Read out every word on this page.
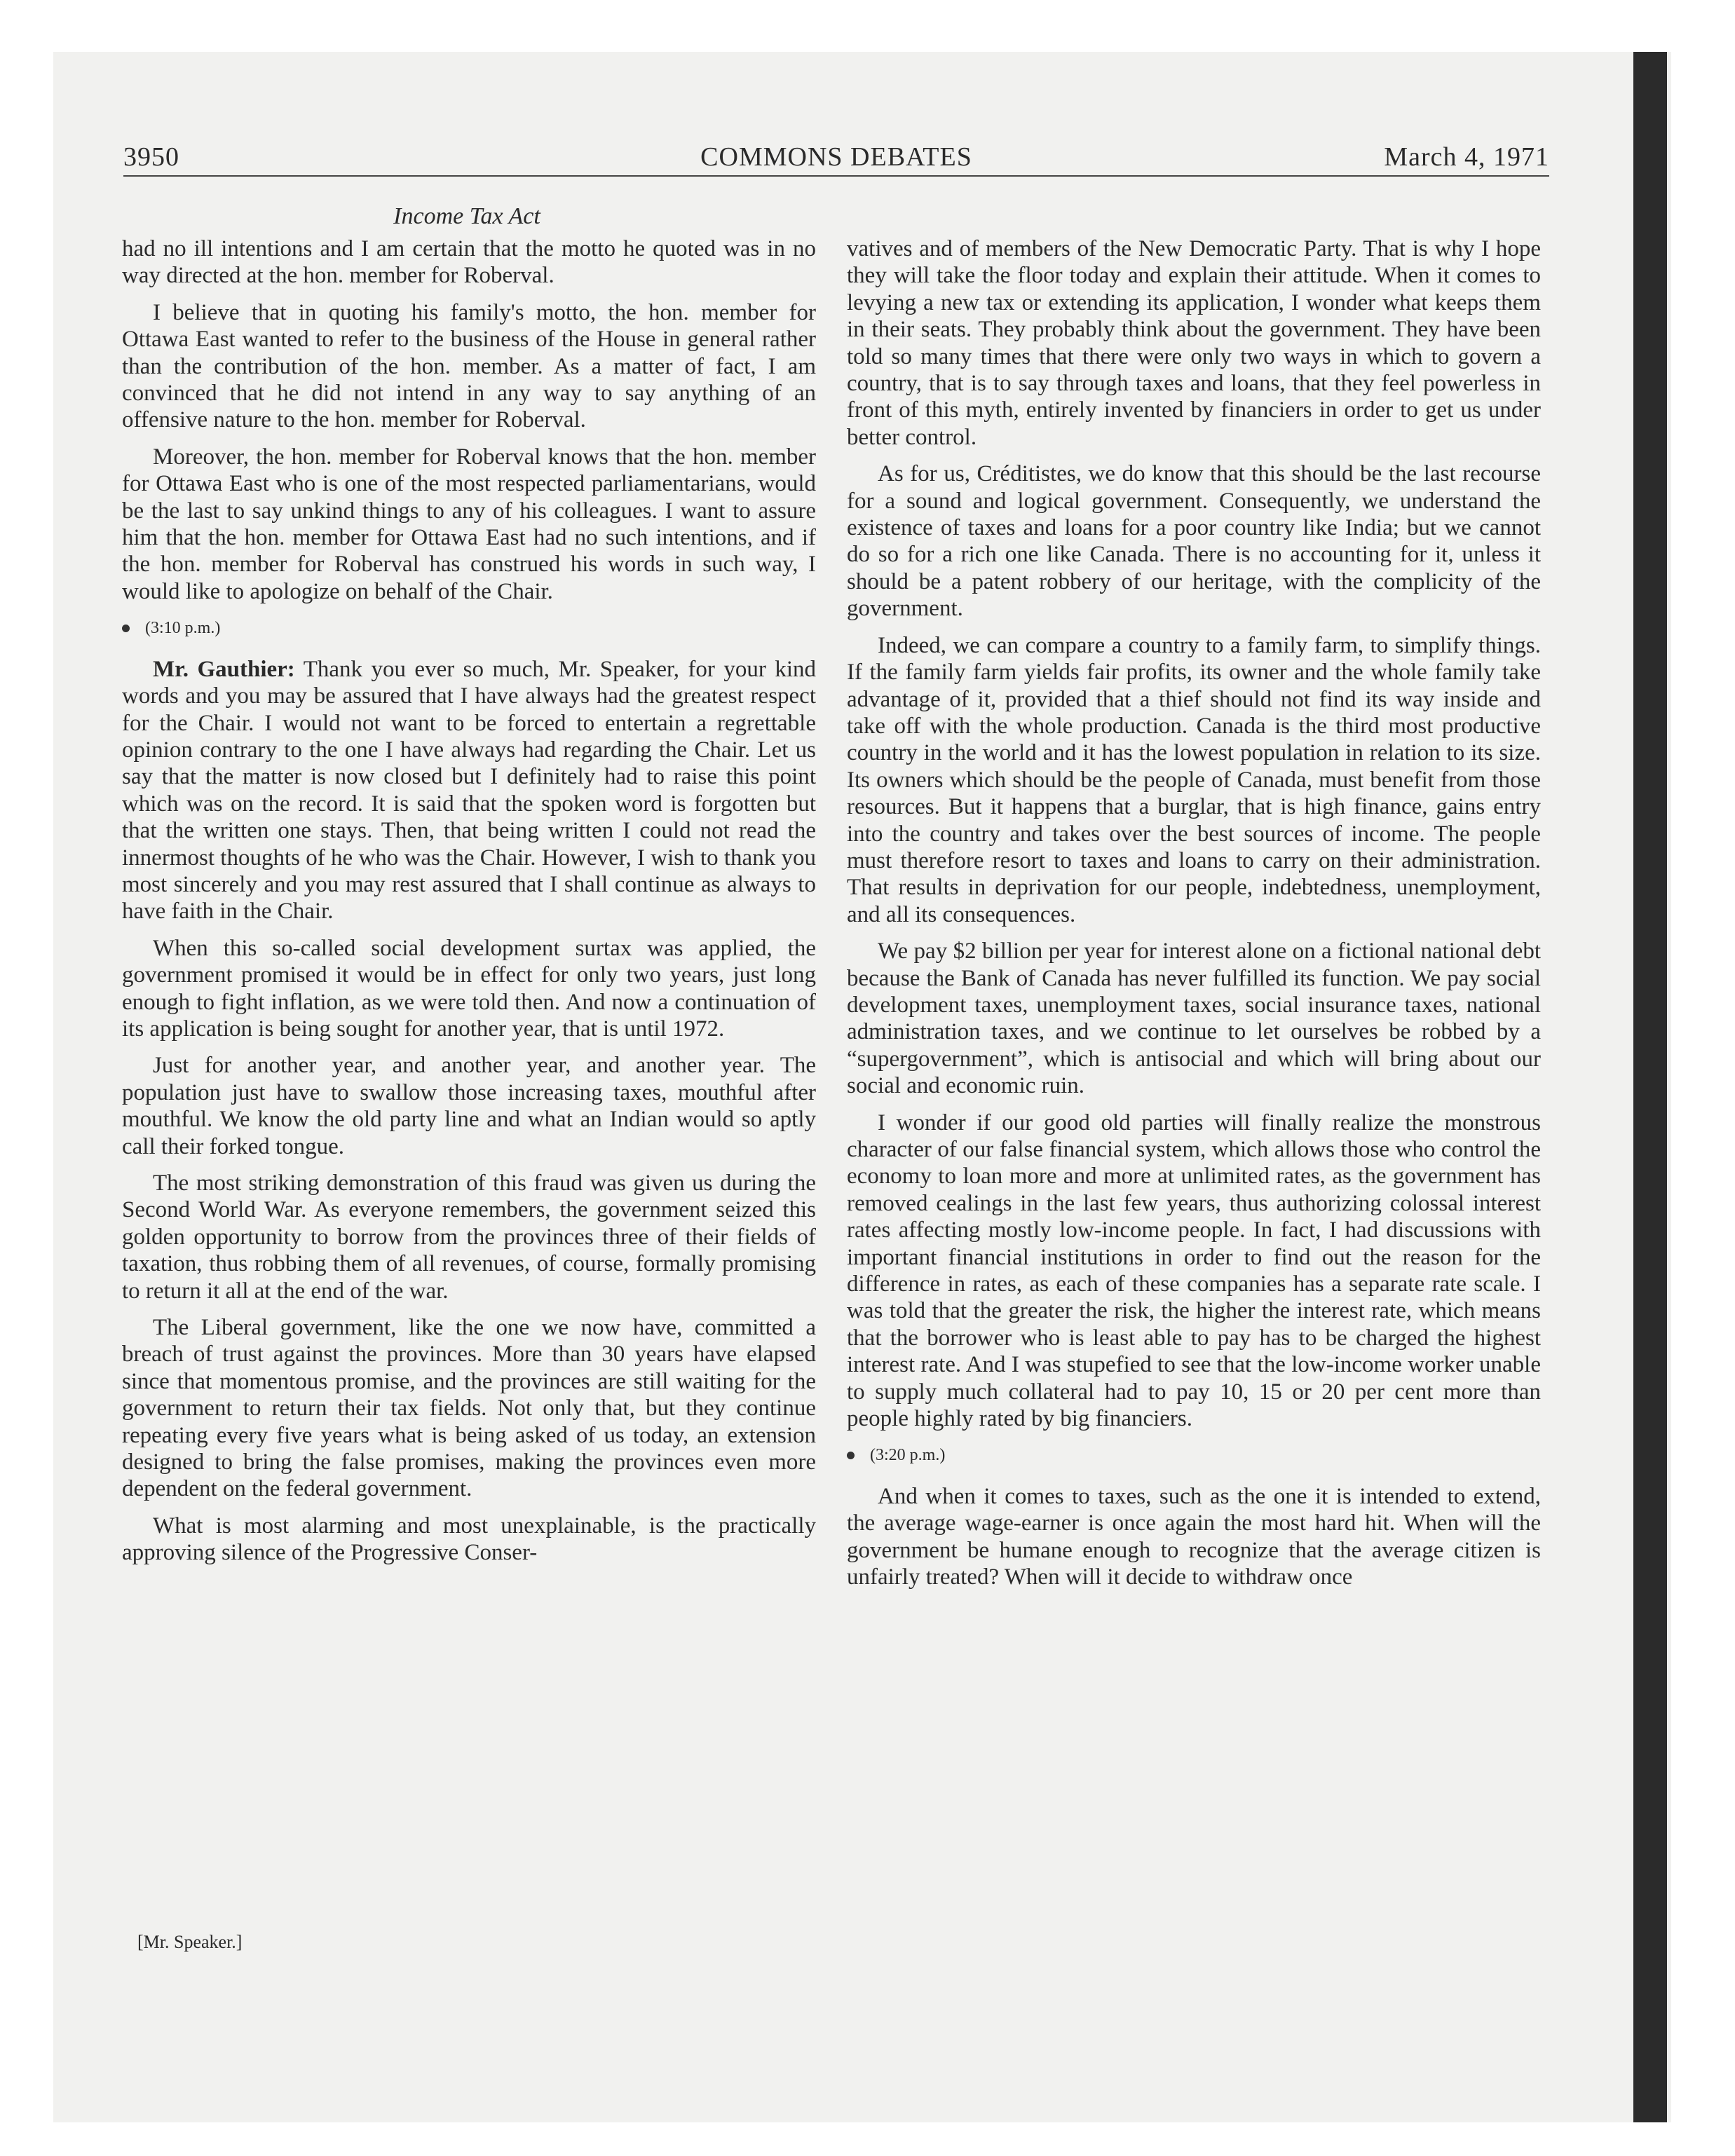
3950	COMMONS DEBATES	March 4, 1971
Income Tax Act

had no ill intentions and I am certain that the motto he quoted was in no way directed at the hon. member for Roberval.

I believe that in quoting his family's motto, the hon. member for Ottawa East wanted to refer to the business of the House in general rather than the contribution of the hon. member. As a matter of fact, I am convinced that he did not intend in any way to say anything of an offensive nature to the hon. member for Roberval.

Moreover, the hon. member for Roberval knows that the hon. member for Ottawa East who is one of the most respected parliamentarians, would be the last to say unkind things to any of his colleagues. I want to assure him that the hon. member for Ottawa East had no such intentions, and if the hon. member for Roberval has construed his words in such way, I would like to apologize on behalf of the Chair.

(3:10 p.m.)

Mr. Gauthier: Thank you ever so much, Mr. Speaker, for your kind words and you may be assured that I have always had the greatest respect for the Chair. I would not want to be forced to entertain a regrettable opinion contrary to the one I have always had regarding the Chair. Let us say that the matter is now closed but I definitely had to raise this point which was on the record. It is said that the spoken word is forgotten but that the written one stays. Then, that being written I could not read the innermost thoughts of he who was the Chair. However, I wish to thank you most sincerely and you may rest assured that I shall continue as always to have faith in the Chair.

When this so-called social development surtax was applied, the government promised it would be in effect for only two years, just long enough to fight inflation, as we were told then. And now a continuation of its application is being sought for another year, that is until 1972.

Just for another year, and another year, and another year. The population just have to swallow those increasing taxes, mouthful after mouthful. We know the old party line and what an Indian would so aptly call their forked tongue.

The most striking demonstration of this fraud was given us during the Second World War. As everyone remembers, the government seized this golden opportunity to borrow from the provinces three of their fields of taxation, thus robbing them of all revenues, of course, formally promising to return it all at the end of the war.

The Liberal government, like the one we now have, committed a breach of trust against the provinces. More than 30 years have elapsed since that momentous promise, and the provinces are still waiting for the government to return their tax fields. Not only that, but they continue repeating every five years what is being asked of us today, an extension designed to bring the false promises, making the provinces even more dependent on the federal government.

What is most alarming and most unexplainable, is the practically approving silence of the Progressive Conser-

vatives and of members of the New Democratic Party. That is why I hope they will take the floor today and explain their attitude. When it comes to levying a new tax or extending its application, I wonder what keeps them in their seats. They probably think about the government. They have been told so many times that there were only two ways in which to govern a country, that is to say through taxes and loans, that they feel powerless in front of this myth, entirely invented by financiers in order to get us under better control.

As for us, Créditistes, we do know that this should be the last recourse for a sound and logical government. Consequently, we understand the existence of taxes and loans for a poor country like India; but we cannot do so for a rich one like Canada. There is no accounting for it, unless it should be a patent robbery of our heritage, with the complicity of the government.

Indeed, we can compare a country to a family farm, to simplify things. If the family farm yields fair profits, its owner and the whole family take advantage of it, provided that a thief should not find its way inside and take off with the whole production. Canada is the third most productive country in the world and it has the lowest population in relation to its size. Its owners which should be the people of Canada, must benefit from those resources. But it happens that a burglar, that is high finance, gains entry into the country and takes over the best sources of income. The people must therefore resort to taxes and loans to carry on their administration. That results in deprivation for our people, indebtedness, unemployment, and all its consequences.

We pay $2 billion per year for interest alone on a fictional national debt because the Bank of Canada has never fulfilled its function. We pay social development taxes, unemployment taxes, social insurance taxes, national administration taxes, and we continue to let ourselves be robbed by a “supergovernment”, which is antisocial and which will bring about our social and economic ruin.

I wonder if our good old parties will finally realize the monstrous character of our false financial system, which allows those who control the economy to loan more and more at unlimited rates, as the government has removed cealings in the last few years, thus authorizing colossal interest rates affecting mostly low-income people. In fact, I had discussions with important financial institutions in order to find out the reason for the difference in rates, as each of these companies has a separate rate scale. I was told that the greater the risk, the higher the interest rate, which means that the borrower who is least able to pay has to be charged the highest interest rate. And I was stupefied to see that the low-income worker unable to supply much collateral had to pay 10, 15 or 20 per cent more than people highly rated by big financiers.

(3:20 p.m.)

And when it comes to taxes, such as the one it is intended to extend, the average wage-earner is once again the most hard hit. When will the government be humane enough to recognize that the average citizen is unfairly treated? When will it decide to withdraw once

[Mr. Speaker.]
